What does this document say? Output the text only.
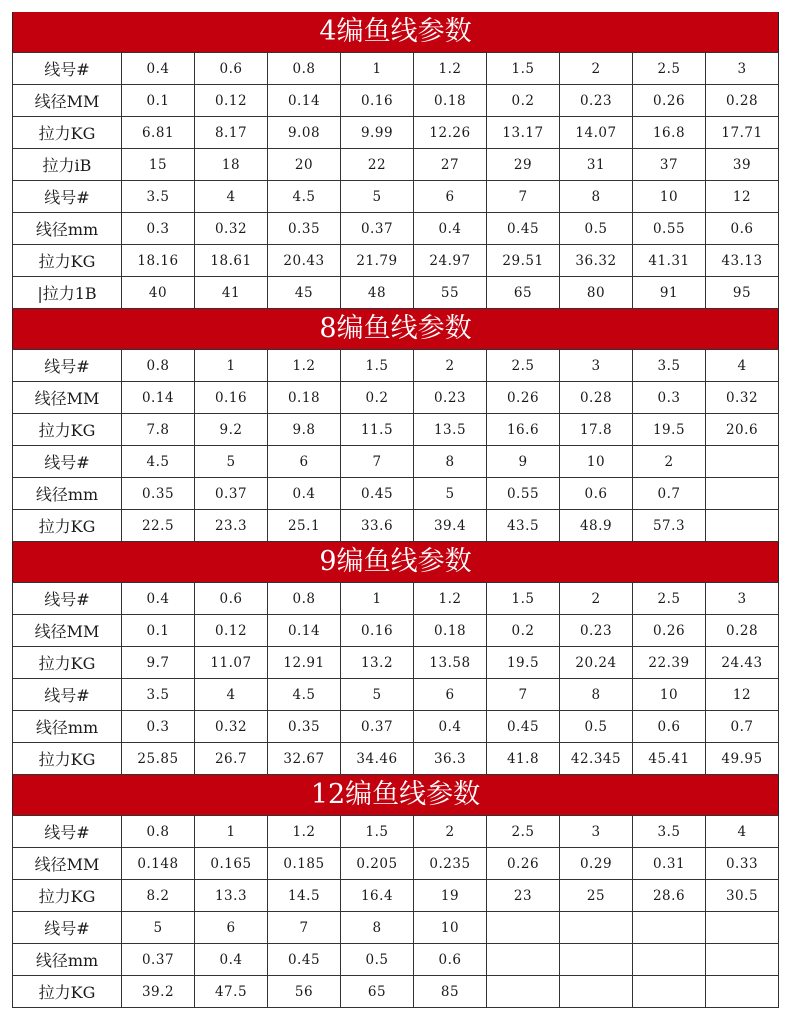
4编鱼线参数
线号#	0.4	0.6	0.8	1	1.2	1.5	2	2.5	3
线径MM	0.1	0.12	0.14	0.16	0.18	0.2	0.23	0.26	0.28
拉力KG	6.81	8.17	9.08	9.99	12.26	13.17	14.07	16.8	17.71
拉力iB	15	18	20	22	27	29	31	37	39
线号#	3.5	4	4.5	5	6	7	8	10	12
线径mm	0.3	0.32	0.35	0.37	0.4	0.45	0.5	0.55	0.6
拉力KG	18.16	18.61	20.43	21.79	24.97	29.51	36.32	41.31	43.13
|拉力1B	40	41	45	48	55	65	80	91	95
8编鱼线参数
线号#	0.8	1	1.2	1.5	2	2.5	3	3.5	4
线径MM	0.14	0.16	0.18	0.2	0.23	0.26	0.28	0.3	0.32
拉力KG	7.8	9.2	9.8	11.5	13.5	16.6	17.8	19.5	20.6
线号#	4.5	5	6	7	8	9	10	2	
线径mm	0.35	0.37	0.4	0.45	5	0.55	0.6	0.7	
拉力KG	22.5	23.3	25.1	33.6	39.4	43.5	48.9	57.3	
9编鱼线参数
线号#	0.4	0.6	0.8	1	1.2	1.5	2	2.5	3
线径MM	0.1	0.12	0.14	0.16	0.18	0.2	0.23	0.26	0.28
拉力KG	9.7	11.07	12.91	13.2	13.58	19.5	20.24	22.39	24.43
线号#	3.5	4	4.5	5	6	7	8	10	12
线径mm	0.3	0.32	0.35	0.37	0.4	0.45	0.5	0.6	0.7
拉力KG	25.85	26.7	32.67	34.46	36.3	41.8	42.345	45.41	49.95
12编鱼线参数
线号#	0.8	1	1.2	1.5	2	2.5	3	3.5	4
线径MM	0.148	0.165	0.185	0.205	0.235	0.26	0.29	0.31	0.33
拉力KG	8.2	13.3	14.5	16.4	19	23	25	28.6	30.5
线号#	5	6	7	8	10				
线径mm	0.37	0.4	0.45	0.5	0.6				
拉力KG	39.2	47.5	56	65	85				
